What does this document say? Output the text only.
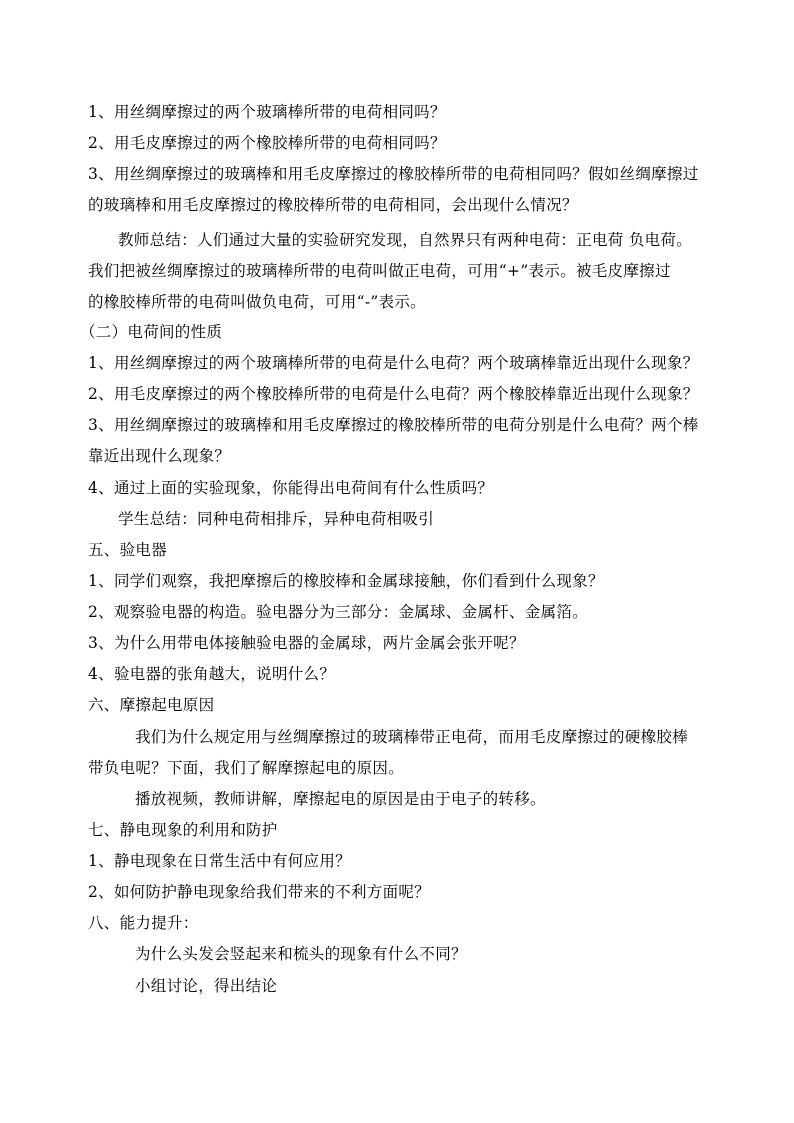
1、用丝绸摩擦过的两个玻璃棒所带的电荷相同吗？
2、用毛皮摩擦过的两个橡胶棒所带的电荷相同吗？
3、用丝绸摩擦过的玻璃棒和用毛皮摩擦过的橡胶棒所带的电荷相同吗？假如丝绸摩擦过
的玻璃棒和用毛皮摩擦过的橡胶棒所带的电荷相同，会出现什么情况？
教师总结：人们通过大量的实验研究发现，自然界只有两种电荷：正电荷 负电荷。
我们把被丝绸摩擦过的玻璃棒所带的电荷叫做正电荷，可用“+”表示。被毛皮摩擦过
的橡胶棒所带的电荷叫做负电荷，可用“-”表示。
（二）电荷间的性质
1、用丝绸摩擦过的两个玻璃棒所带的电荷是什么电荷？两个玻璃棒靠近出现什么现象？
2、用毛皮摩擦过的两个橡胶棒所带的电荷是什么电荷？两个橡胶棒靠近出现什么现象？
3、用丝绸摩擦过的玻璃棒和用毛皮摩擦过的橡胶棒所带的电荷分别是什么电荷？两个棒
靠近出现什么现象？
4、通过上面的实验现象，你能得出电荷间有什么性质吗？
学生总结：同种电荷相排斥，异种电荷相吸引
五、验电器
1、同学们观察，我把摩擦后的橡胶棒和金属球接触，你们看到什么现象？
2、观察验电器的构造。验电器分为三部分：金属球、金属杆、金属箔。
3、为什么用带电体接触验电器的金属球，两片金属会张开呢？
4、验电器的张角越大，说明什么？
六、摩擦起电原因
我们为什么规定用与丝绸摩擦过的玻璃棒带正电荷，而用毛皮摩擦过的硬橡胶棒
带负电呢？下面，我们了解摩擦起电的原因。
播放视频，教师讲解，摩擦起电的原因是由于电子的转移。
七、静电现象的利用和防护
1、静电现象在日常生活中有何应用？
2、如何防护静电现象给我们带来的不利方面呢？
八、能力提升：
为什么头发会竖起来和梳头的现象有什么不同？
小组讨论，得出结论
